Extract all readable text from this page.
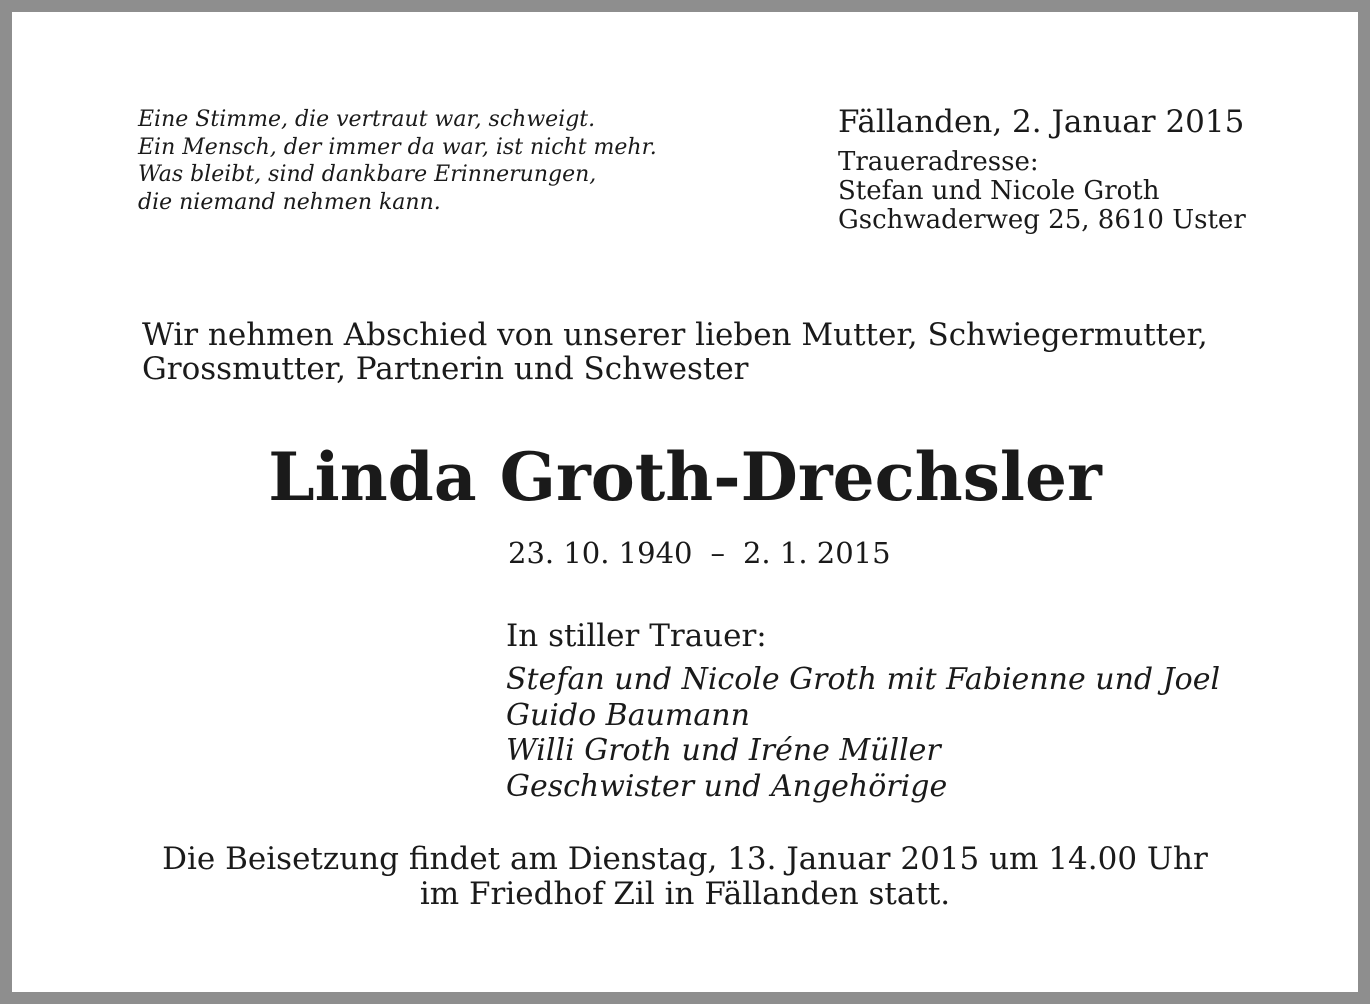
Eine Stimme, die vertraut war, schweigt.
Ein Mensch, der immer da war, ist nicht mehr.
Was bleibt, sind dankbare Erinnerungen,
die niemand nehmen kann.
Fällanden, 2. Januar 2015
Traueradresse:
Stefan und Nicole Groth
Gschwaderweg 25, 8610 Uster
Wir nehmen Abschied von unserer lieben Mutter, Schwiegermutter,
Grossmutter, Partnerin und Schwester
Linda Groth-Drechsler
23. 10. 1940 – 2. 1. 2015
In stiller Trauer:
Stefan und Nicole Groth mit Fabienne und Joel
Guido Baumann
Willi Groth und Iréne Müller
Geschwister und Angehörige
Die Beisetzung findet am Dienstag, 13. Januar 2015 um 14.00 Uhr
im Friedhof Zil in Fällanden statt.
